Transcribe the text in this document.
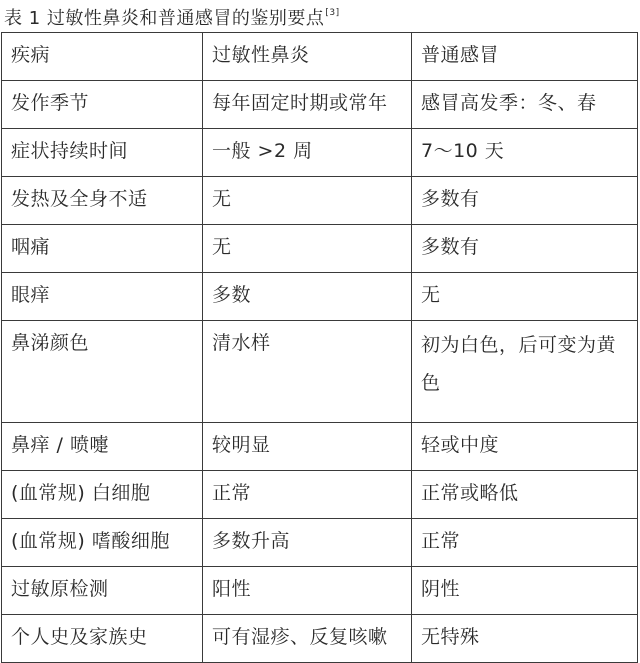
表 1 过敏性鼻炎和普通感冒的鉴别要点[3]
疾病	过敏性鼻炎	普通感冒
发作季节	每年固定时期或常年	感冒高发季：冬、春
症状持续时间	一般 >2 周	7～10 天
发热及全身不适	无	多数有
咽痛	无	多数有
眼痒	多数	无
鼻涕颜色	清水样	初为白色，后可变为黄色
鼻痒 / 喷嚏	较明显	轻或中度
(血常规) 白细胞	正常	正常或略低
(血常规) 嗜酸细胞	多数升高	正常
过敏原检测	阳性	阴性
个人史及家族史	可有湿疹、反复咳嗽	无特殊
